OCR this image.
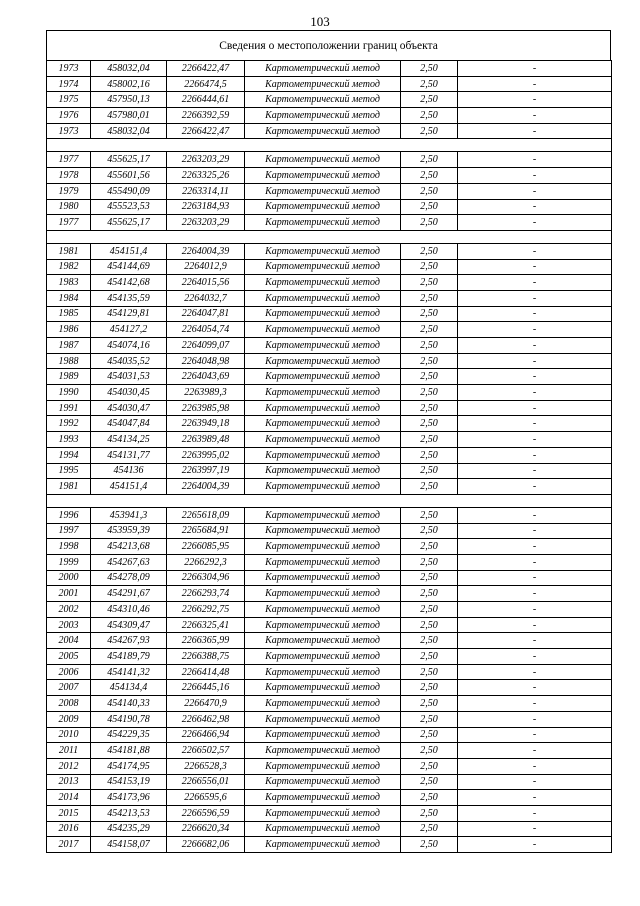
103
Сведения о местоположении границ объекта
1973	458032,04	2266422,47	Картометрический метод	2,50	-
1974	458002,16	2266474,5	Картометрический метод	2,50	-
1975	457950,13	2266444,61	Картометрический метод	2,50	-
1976	457980,01	2266392,59	Картометрический метод	2,50	-
1973	458032,04	2266422,47	Картометрический метод	2,50	-

1977	455625,17	2263203,29	Картометрический метод	2,50	-
1978	455601,56	2263325,26	Картометрический метод	2,50	-
1979	455490,09	2263314,11	Картометрический метод	2,50	-
1980	455523,53	2263184,93	Картометрический метод	2,50	-
1977	455625,17	2263203,29	Картометрический метод	2,50	-

1981	454151,4	2264004,39	Картометрический метод	2,50	-
1982	454144,69	2264012,9	Картометрический метод	2,50	-
1983	454142,68	2264015,56	Картометрический метод	2,50	-
1984	454135,59	2264032,7	Картометрический метод	2,50	-
1985	454129,81	2264047,81	Картометрический метод	2,50	-
1986	454127,2	2264054,74	Картометрический метод	2,50	-
1987	454074,16	2264099,07	Картометрический метод	2,50	-
1988	454035,52	2264048,98	Картометрический метод	2,50	-
1989	454031,53	2264043,69	Картометрический метод	2,50	-
1990	454030,45	2263989,3	Картометрический метод	2,50	-
1991	454030,47	2263985,98	Картометрический метод	2,50	-
1992	454047,84	2263949,18	Картометрический метод	2,50	-
1993	454134,25	2263989,48	Картометрический метод	2,50	-
1994	454131,77	2263995,02	Картометрический метод	2,50	-
1995	454136	2263997,19	Картометрический метод	2,50	-
1981	454151,4	2264004,39	Картометрический метод	2,50	-

1996	453941,3	2265618,09	Картометрический метод	2,50	-
1997	453959,39	2265684,91	Картометрический метод	2,50	-
1998	454213,68	2266085,95	Картометрический метод	2,50	-
1999	454267,63	2266292,3	Картометрический метод	2,50	-
2000	454278,09	2266304,96	Картометрический метод	2,50	-
2001	454291,67	2266293,74	Картометрический метод	2,50	-
2002	454310,46	2266292,75	Картометрический метод	2,50	-
2003	454309,47	2266325,41	Картометрический метод	2,50	-
2004	454267,93	2266365,99	Картометрический метод	2,50	-
2005	454189,79	2266388,75	Картометрический метод	2,50	-
2006	454141,32	2266414,48	Картометрический метод	2,50	-
2007	454134,4	2266445,16	Картометрический метод	2,50	-
2008	454140,33	2266470,9	Картометрический метод	2,50	-
2009	454190,78	2266462,98	Картометрический метод	2,50	-
2010	454229,35	2266466,94	Картометрический метод	2,50	-
2011	454181,88	2266502,57	Картометрический метод	2,50	-
2012	454174,95	2266528,3	Картометрический метод	2,50	-
2013	454153,19	2266556,01	Картометрический метод	2,50	-
2014	454173,96	2266595,6	Картометрический метод	2,50	-
2015	454213,53	2266596,59	Картометрический метод	2,50	-
2016	454235,29	2266620,34	Картометрический метод	2,50	-
2017	454158,07	2266682,06	Картометрический метод	2,50	-
